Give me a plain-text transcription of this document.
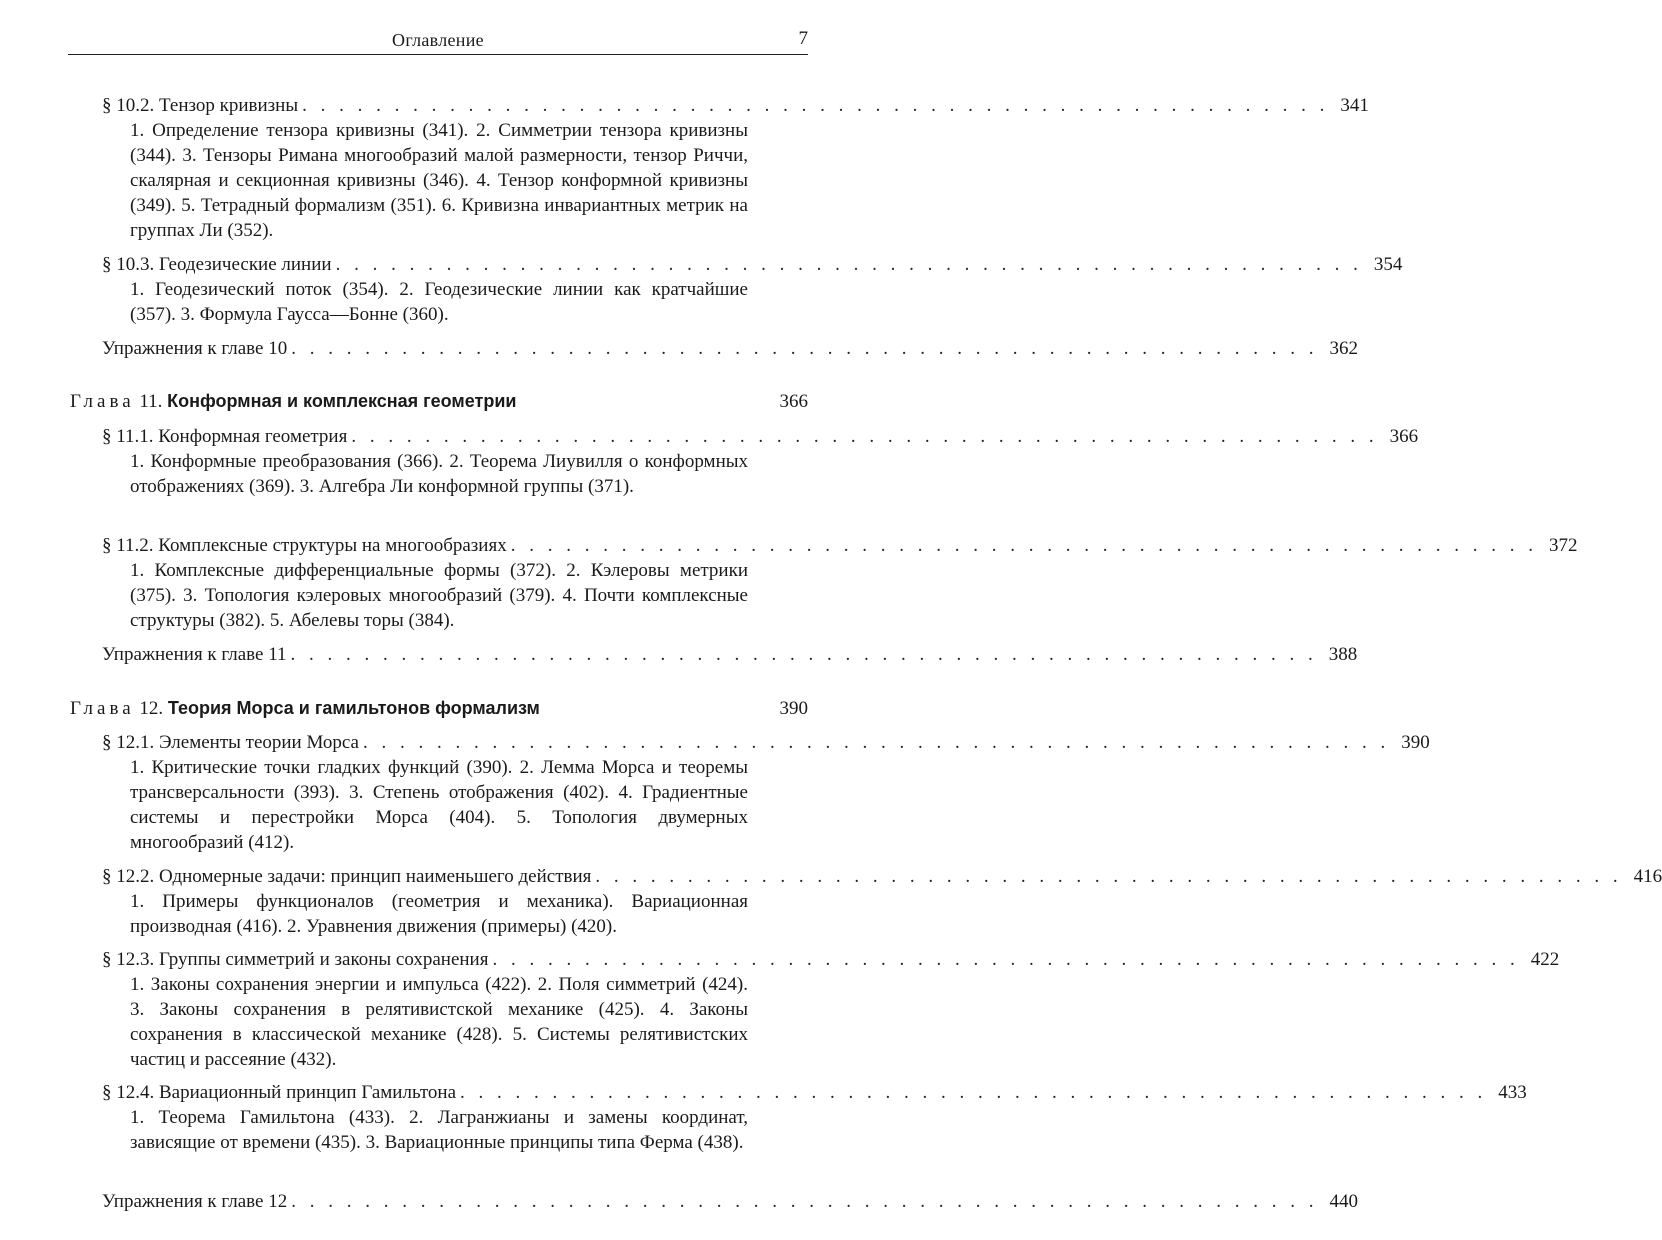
Оглавление	7
§ 10.2. Тензор кривизны . . . . . . . . . . . . . . . . . . . . . . . . . . . . . . . . . . . . . . . . . . . . . . . . . . . . . . . . 341
1. Определение тензора кривизны (341). 2. Симметрии тензора кривизны (344). 3. Тензоры Римана многообразий малой размерности, тензор Риччи, скалярная и секционная кривизны (346). 4. Тензор конформной кривизны (349). 5. Тетрадный формализм (351). 6. Кривизна инвариантных метрик на группах Ли (352).
§ 10.3. Геодезические линии . . . . . . . . . . . . . . . . . . . . . . . . . . . . . . . . . . . . . . . . . . . . . . . . . . . . . . . . 354
1. Геодезический поток (354). 2. Геодезические линии как кратчайшие (357). 3. Формула Гаусса—Бонне (360).
Упражнения к главе 10 . . . . . . . . . . . . . . . . . . . . . . . . . . . . . . . . . . . . . . . . . . . . . . . . . . . . . . . . 362
Глава 11. Конформная и комплексная геометрии	366
§ 11.1. Конформная геометрия . . . . . . . . . . . . . . . . . . . . . . . . . . . . . . . . . . . . . . . . . . . . . . . . . . . . . . . . 366
1. Конформные преобразования (366). 2. Теорема Лиувилля о конформных отображениях (369). 3. Алгебра Ли конформной группы (371).
§ 11.2. Комплексные структуры на многообразиях . . . . . . . . . . . . . . . . . . . . . . . . . . . . . . . . . . . . . . . . . . . . . . . . . . . . . . . . 372
1. Комплексные дифференциальные формы (372). 2. Кэлеровы метрики (375). 3. Топология кэлеровых многообразий (379). 4. Почти комплексные структуры (382). 5. Абелевы торы (384).
Упражнения к главе 11 . . . . . . . . . . . . . . . . . . . . . . . . . . . . . . . . . . . . . . . . . . . . . . . . . . . . . . . . 388
Глава 12. Теория Морса и гамильтонов формализм	390
§ 12.1. Элементы теории Морса . . . . . . . . . . . . . . . . . . . . . . . . . . . . . . . . . . . . . . . . . . . . . . . . . . . . . . . . 390
1. Критические точки гладких функций (390). 2. Лемма Морса и теоремы трансверсальности (393). 3. Степень отображения (402). 4. Градиентные системы и перестройки Морса (404). 5. Топология двумерных многообразий (412).
§ 12.2. Одномерные задачи: принцип наименьшего действия . . . . . . . . . . . . . . . . . . . . . . . . . . . . . . . . . . . . . . . . . . . . . . . . . . . . . . . . 416
1. Примеры функционалов (геометрия и механика). Вариационная производная (416). 2. Уравнения движения (примеры) (420).
§ 12.3. Группы симметрий и законы сохранения . . . . . . . . . . . . . . . . . . . . . . . . . . . . . . . . . . . . . . . . . . . . . . . . . . . . . . . . 422
1. Законы сохранения энергии и импульса (422). 2. Поля симметрий (424). 3. Законы сохранения в релятивистской механике (425). 4. Законы сохранения в классической механике (428). 5. Системы релятивистских частиц и рассеяние (432).
§ 12.4. Вариационный принцип Гамильтона . . . . . . . . . . . . . . . . . . . . . . . . . . . . . . . . . . . . . . . . . . . . . . . . . . . . . . . . 433
1. Теорема Гамильтона (433). 2. Лагранжианы и замены координат, зависящие от времени (435). 3. Вариационные принципы типа Ферма (438).
Упражнения к главе 12 . . . . . . . . . . . . . . . . . . . . . . . . . . . . . . . . . . . . . . . . . . . . . . . . . . . . . . . . 440
